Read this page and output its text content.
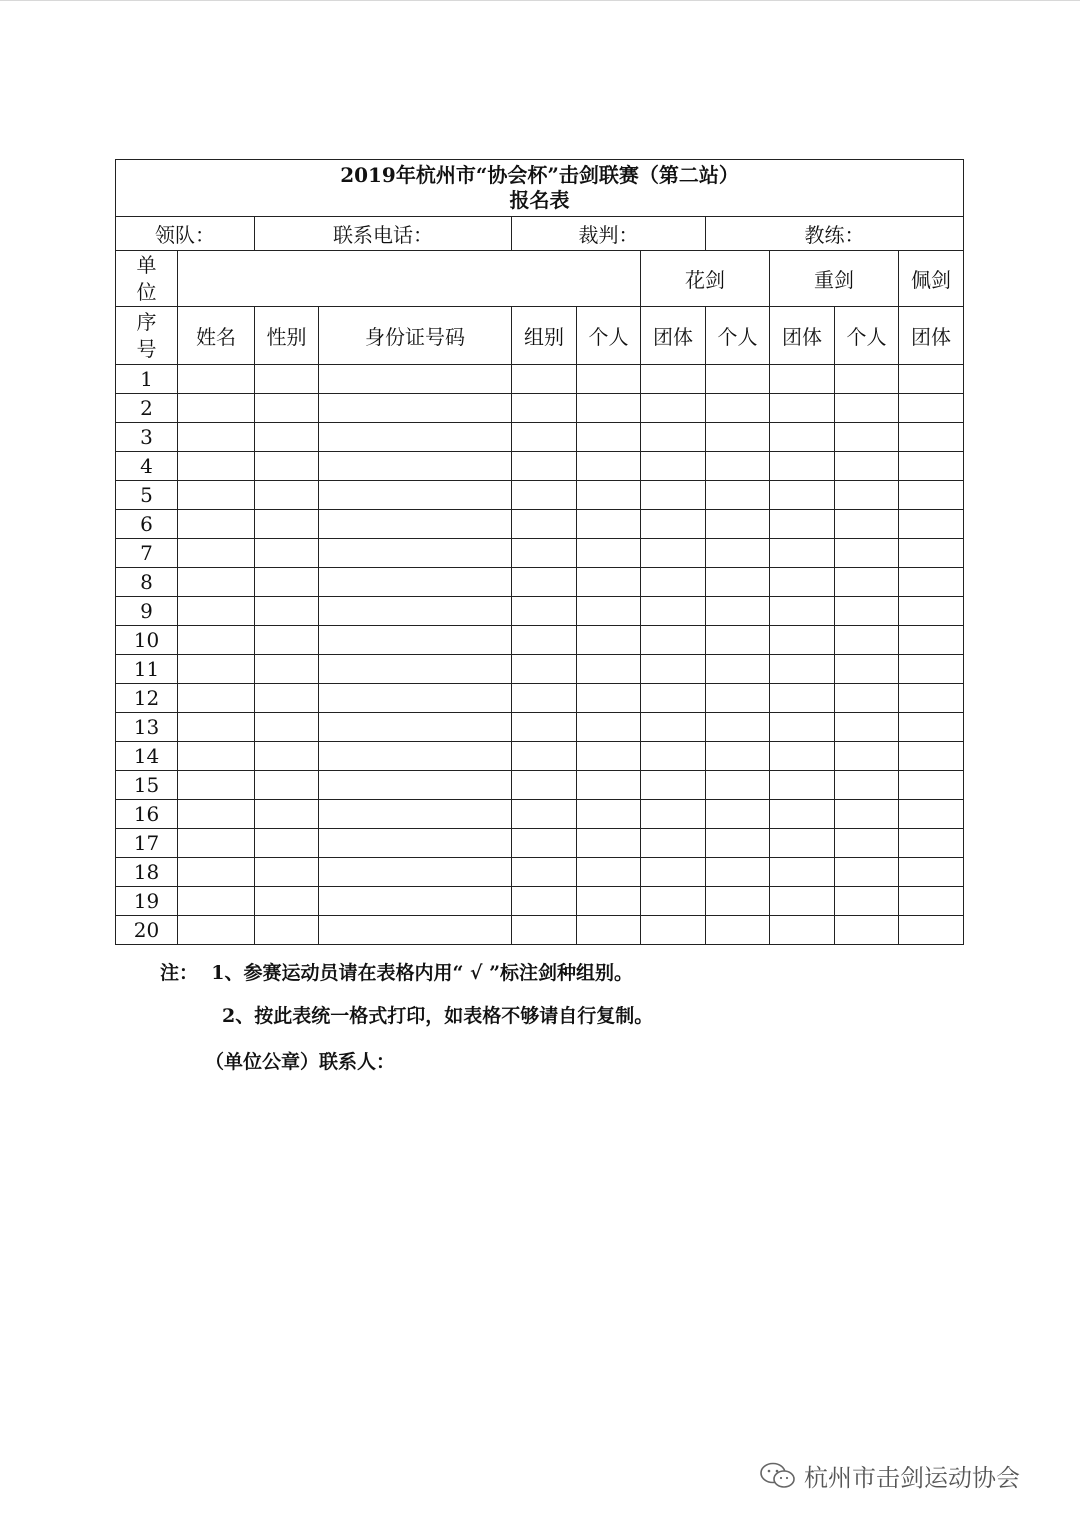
2019年杭州市“协会杯”击剑联赛（第二站）
报名表										

领队：		联系电话：		裁判：			教练：			

单
位						花剑		重剑		佩剑

序
号	姓名	性别	身份证号码	组别	个人	团体	个人	团体	个人	团体
1										
2										
3										
4										
5										
6										
7										
8										
9										
10										
11										
12										
13										
14										
15										
16										
17										
18										
19										
20										
注：  1、参赛运动员请在表格内用“ √ ”标注剑种组别。
2、按此表统一格式打印，如表格不够请自行复制。
（单位公章）联系人：
杭州市击剑运动协会
